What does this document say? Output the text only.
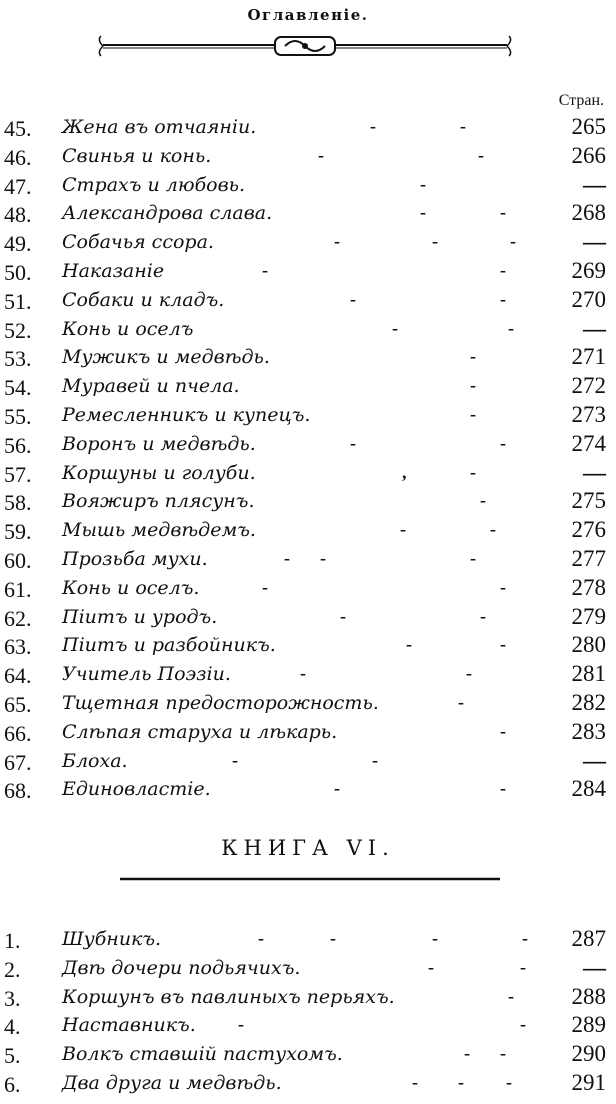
Оглавленіе.
Стран.
45.	Жена въ отчаяніи.	-	-	265
46.	Свинья и конь.	-	-	266
47.	Страхъ и любовь.	-	—
48.	Александрова слава.	-	-	268
49.	Собачья ссора.	-	-	-	—
50.	Наказаніе	-	-	269
51.	Собаки и кладъ.	-	-	270
52.	Конь и оселъ	-	-	—
53.	Мужикъ и медвѣдь.	-	271
54.	Муравей и пчела.	-	272
55.	Ремесленникъ и купецъ.	-	273
56.	Воронъ и медвѣдь.	-	-	274
57.	Коршуны и голуби.	,	-	—
58.	Вояжиръ плясунъ.	-	275
59.	Мышь медвѣдемъ.	-	-	276
60.	Прозьба мухи.	- -	-	277
61.	Конь и оселъ.	-	-	278
62.	Піитъ и уродъ.	-	-	279
63.	Піитъ и разбойникъ.	-	-	280
64.	Учитель Поэзіи.	-	-	281
65.	Тщетная предосторожность.	-	282
66.	Слѣпая старуха и лѣкарь.	-	283
67.	Блоха.	-	-	—
68.	Единовластіе.	-	-	284
КНИГА VI.
1.	Шубникъ.	-	-	-	-	287
2.	Двѣ дочери подьячихъ.	-	-	—
3.	Коршунъ въ павлиныхъ перьяхъ.	-	288
4.	Наставникъ. -	-	289
5.	Волкъ ставшій пастухомъ.	- -	290
6.	Два друга и медвѣдь.	- - -	291
